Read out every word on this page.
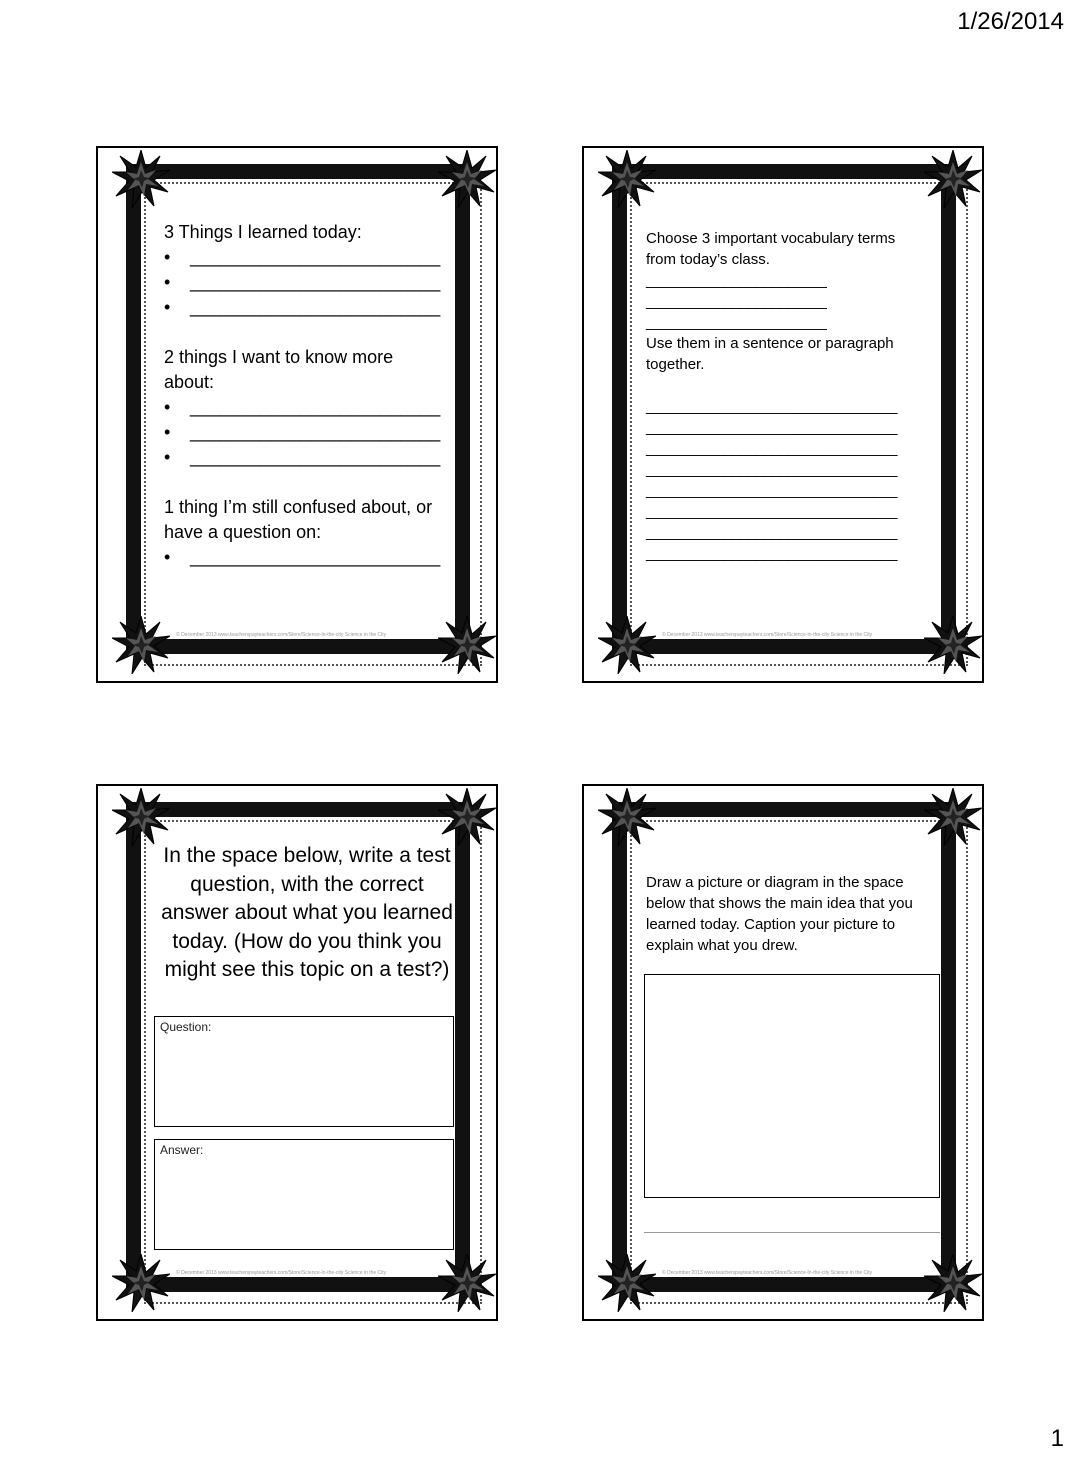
1/26/2014
3 Things I learned today:
•	_________________________
•	_________________________
•	_________________________
2 things I want to know more about:
•	_________________________
•	_________________________
•	_________________________
1 thing I’m still confused about, or have a question on:
•	_________________________
© December 2013 www.teacherspayteachers.com/Store/Science-In-the-city Science in the City
Choose 3 important vocabulary terms from today’s class.
_______________________
_______________________
_______________________
Use them in a sentence or paragraph together.
________________________________
________________________________
________________________________
________________________________
________________________________
________________________________
________________________________
________________________________
© December 2013 www.teacherspayteachers.com/Store/Science-In-the-city Science in the City
In the space below, write a test question, with the correct answer about what you learned today. (How do you think you might see this topic on a test?)
Question:
Answer:
© December 2013 www.teacherspayteachers.com/Store/Science-In-the-city Science in the City
Draw a picture or diagram in the space below that shows the main idea that you learned today. Caption your picture to explain what you drew.
© December 2013 www.teacherspayteachers.com/Store/Science-In-the-city Science in the City
1
